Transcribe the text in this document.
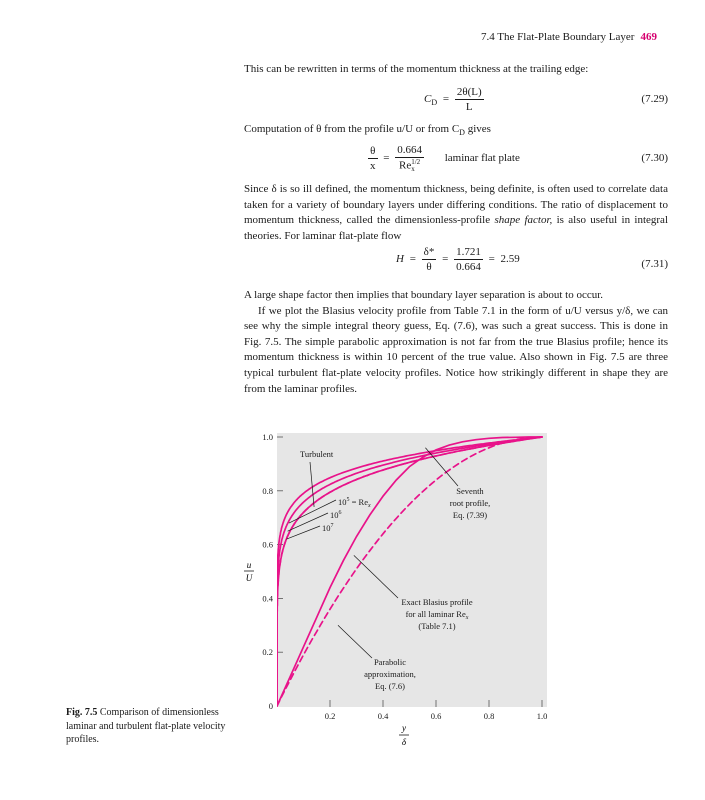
7.4 The Flat-Plate Boundary Layer 469

This can be rewritten in terms of the momentum thickness at the trailing edge:

$C_D = \frac{2\theta(L)}{L}$	(7.29)

Computation of θ from the profile u/U or from $C_D$ gives

$\frac{\theta}{x} = 0.664$
Re 1/2
x laminar flat plate	(7.30)

Since δ is so ill defined, the momentum thickness, being definite, is often used to correlate data taken for a variety of boundary layers under differing conditions. The ratio of displacement to momentum thickness, called the dimensionless-profile shape factor, is also useful in integral theories. For laminar flat-plate flow

$H = \frac{\delta*}{\theta} = \frac{1.721}{0.664} = 2.59$	(7.31)

A large shape factor then implies that boundary layer separation is about to occur.

If we plot the Blasius velocity profile from Table 7.1 in the form of u/U versus y/δ, we can see why the simple integral theory guess, Eq. (7.6), was such a great success. This is done in Fig. 7.5. The simple parabolic approximation is not far from the true Blasius profile; hence its momentum thickness is within 10 percent of the true value. Also shown in Fig. 7.5 are three typical turbulent flat-plate velocity profiles. Notice how strikingly different in shape they are from the laminar profiles.

0
0.2
0.4
0.6
0.8
1.0
0.2	0.4	0.6	0.8	1.0
u
U
y
δ
Turbulent
$10^5 = Re_x$
$10^6$
$10^7$
Seventh
root profile,
Eq. (7.39)
Exact Blasius profile
for all laminar $Re_x$
(Table 7.1)
Parabolic
approximation,
Eq. (7.6)
Fig. 7.5 Comparison of dimensionless laminar and turbulent flat-plate velocity profiles.
